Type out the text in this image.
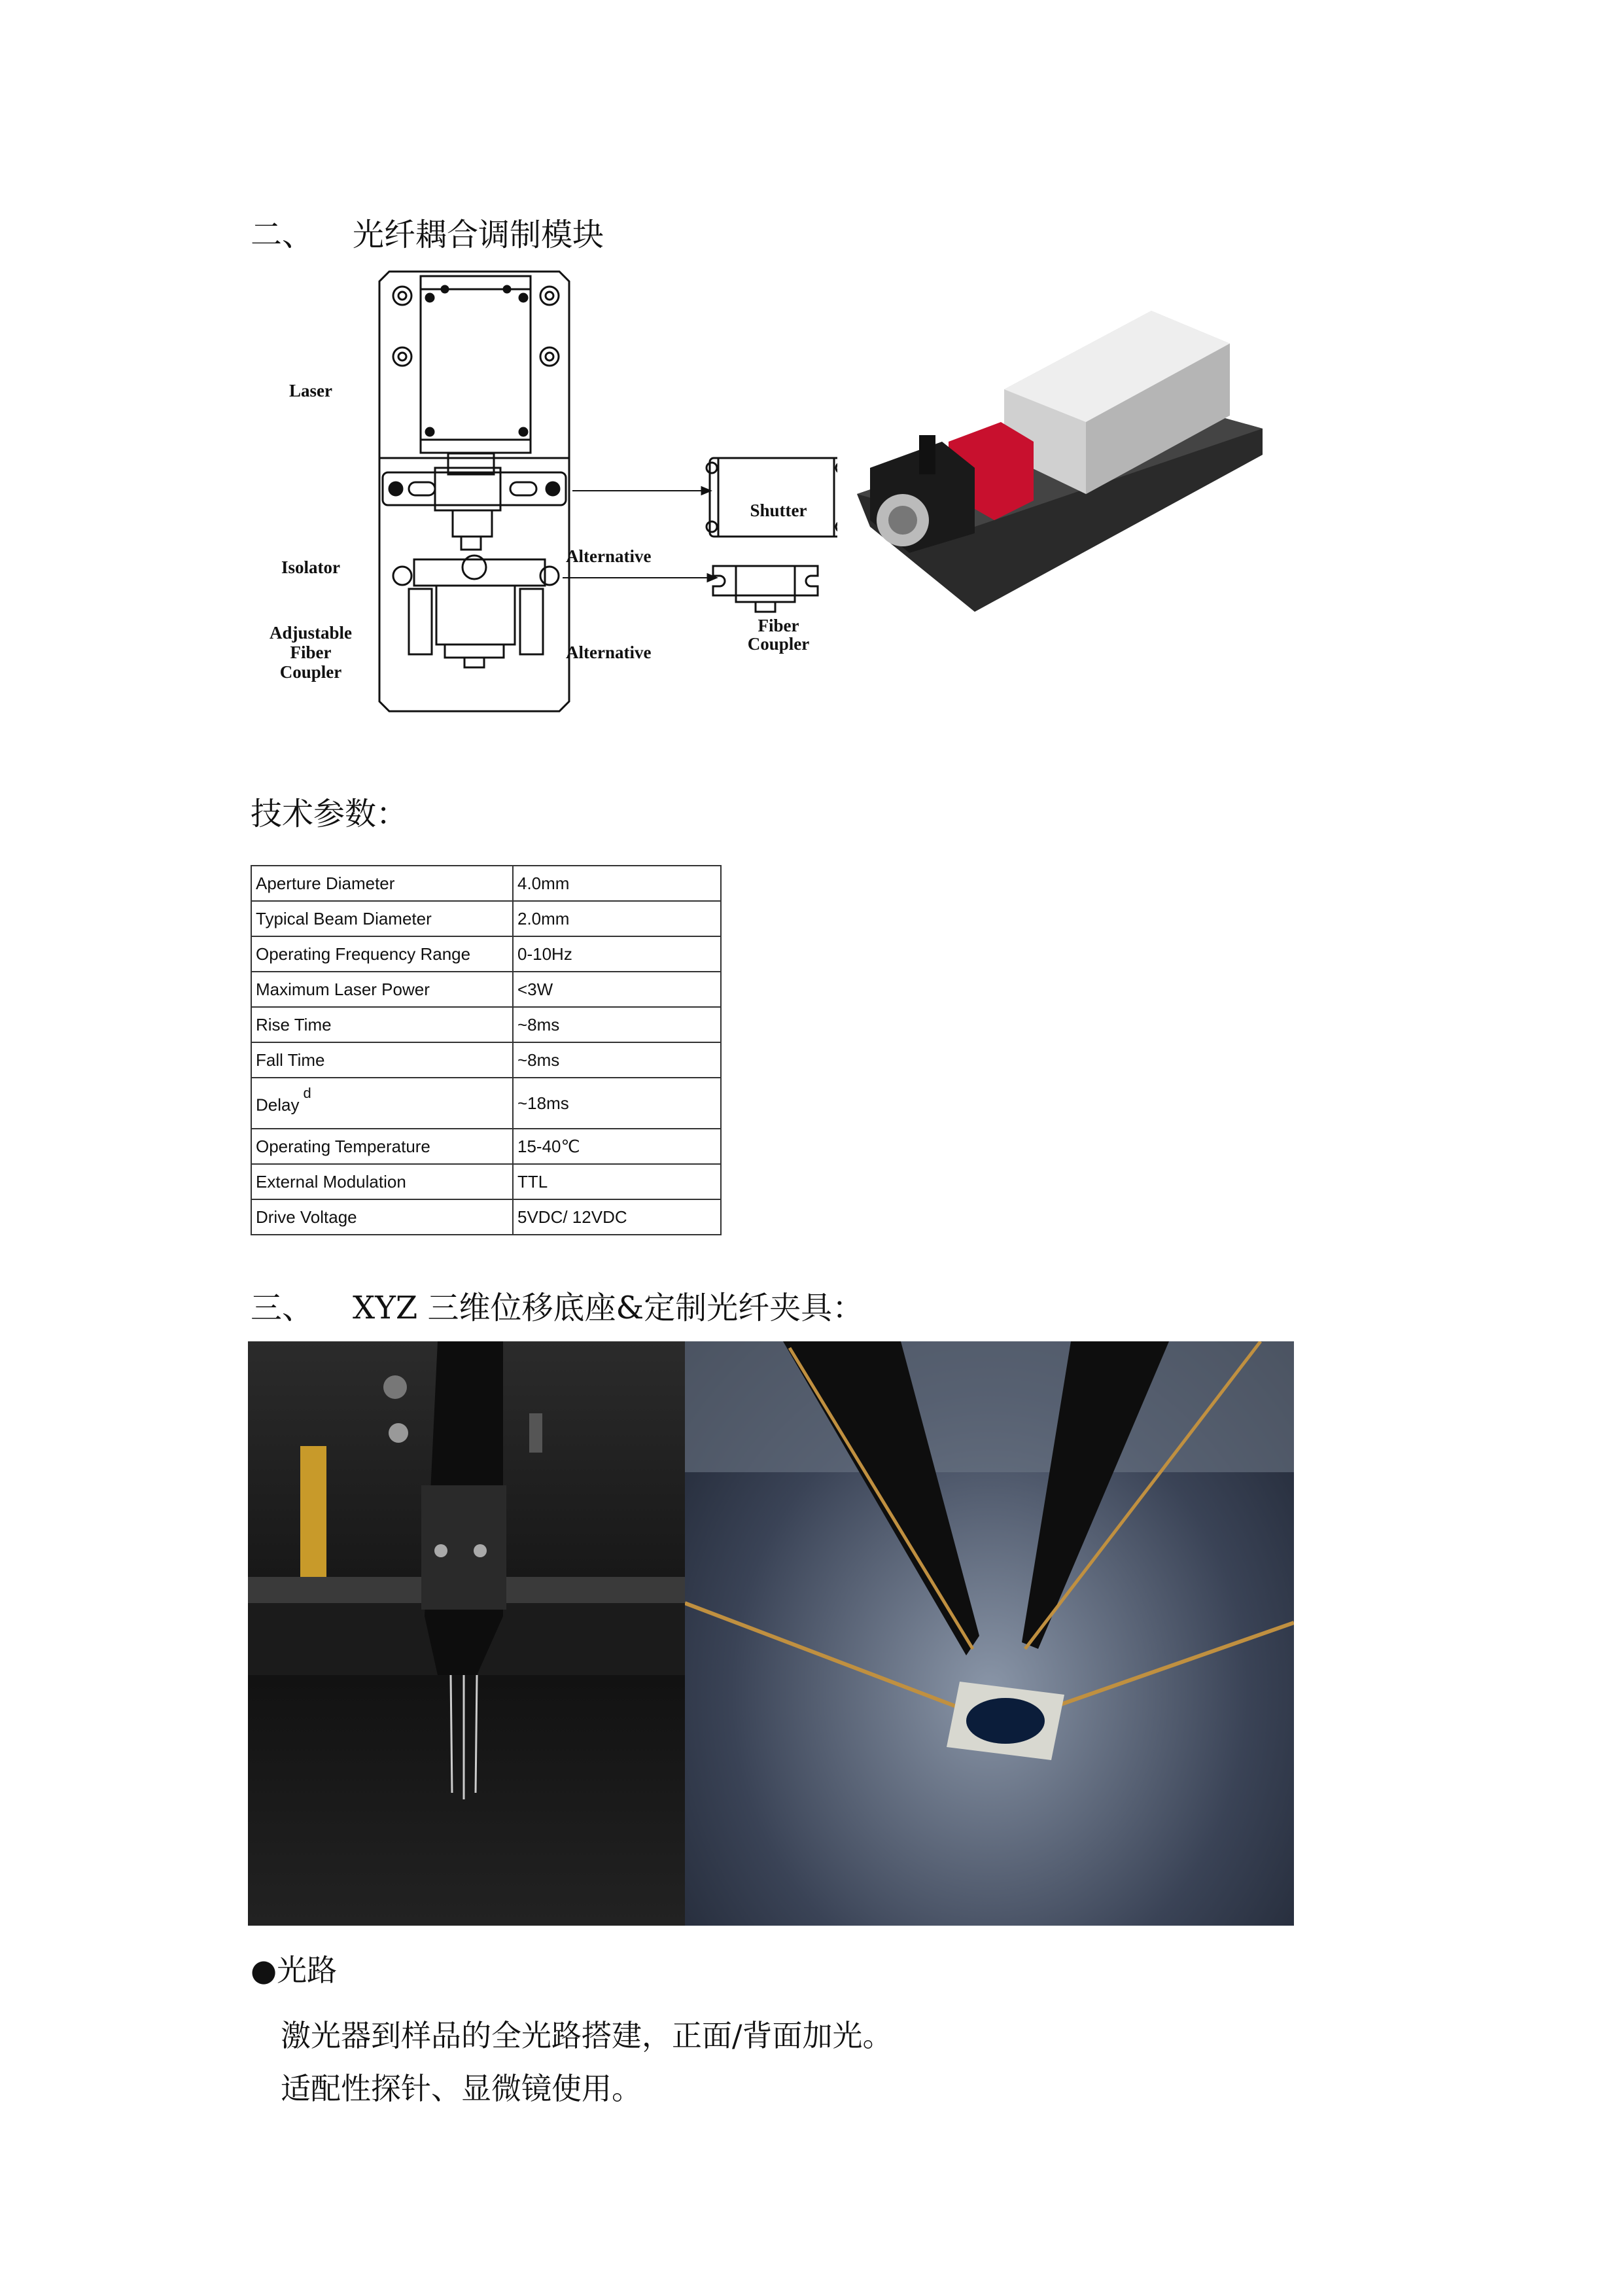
二、 光纤耦合调制模块
Laser
Isolator
Adjustable
Fiber
Coupler
Alternative
Alternative
Shutter
Fiber
Coupler
技术参数：
Aperture Diameter	4.0mm
Typical Beam Diameter	2.0mm
Operating Frequency Range	0-10Hz
Maximum Laser Power	<3W
Rise Time	~8ms
Fall Time	~8ms
Delay$^d$	~18ms
Operating Temperature	15-40℃
External Modulation	TTL
Drive Voltage	5VDC/ 12VDC
三、 XYZ 三维位移底座&定制光纤夹具：
●光路
激光器到样品的全光路搭建，正面/背面加光。
适配性探针、显微镜使用。
